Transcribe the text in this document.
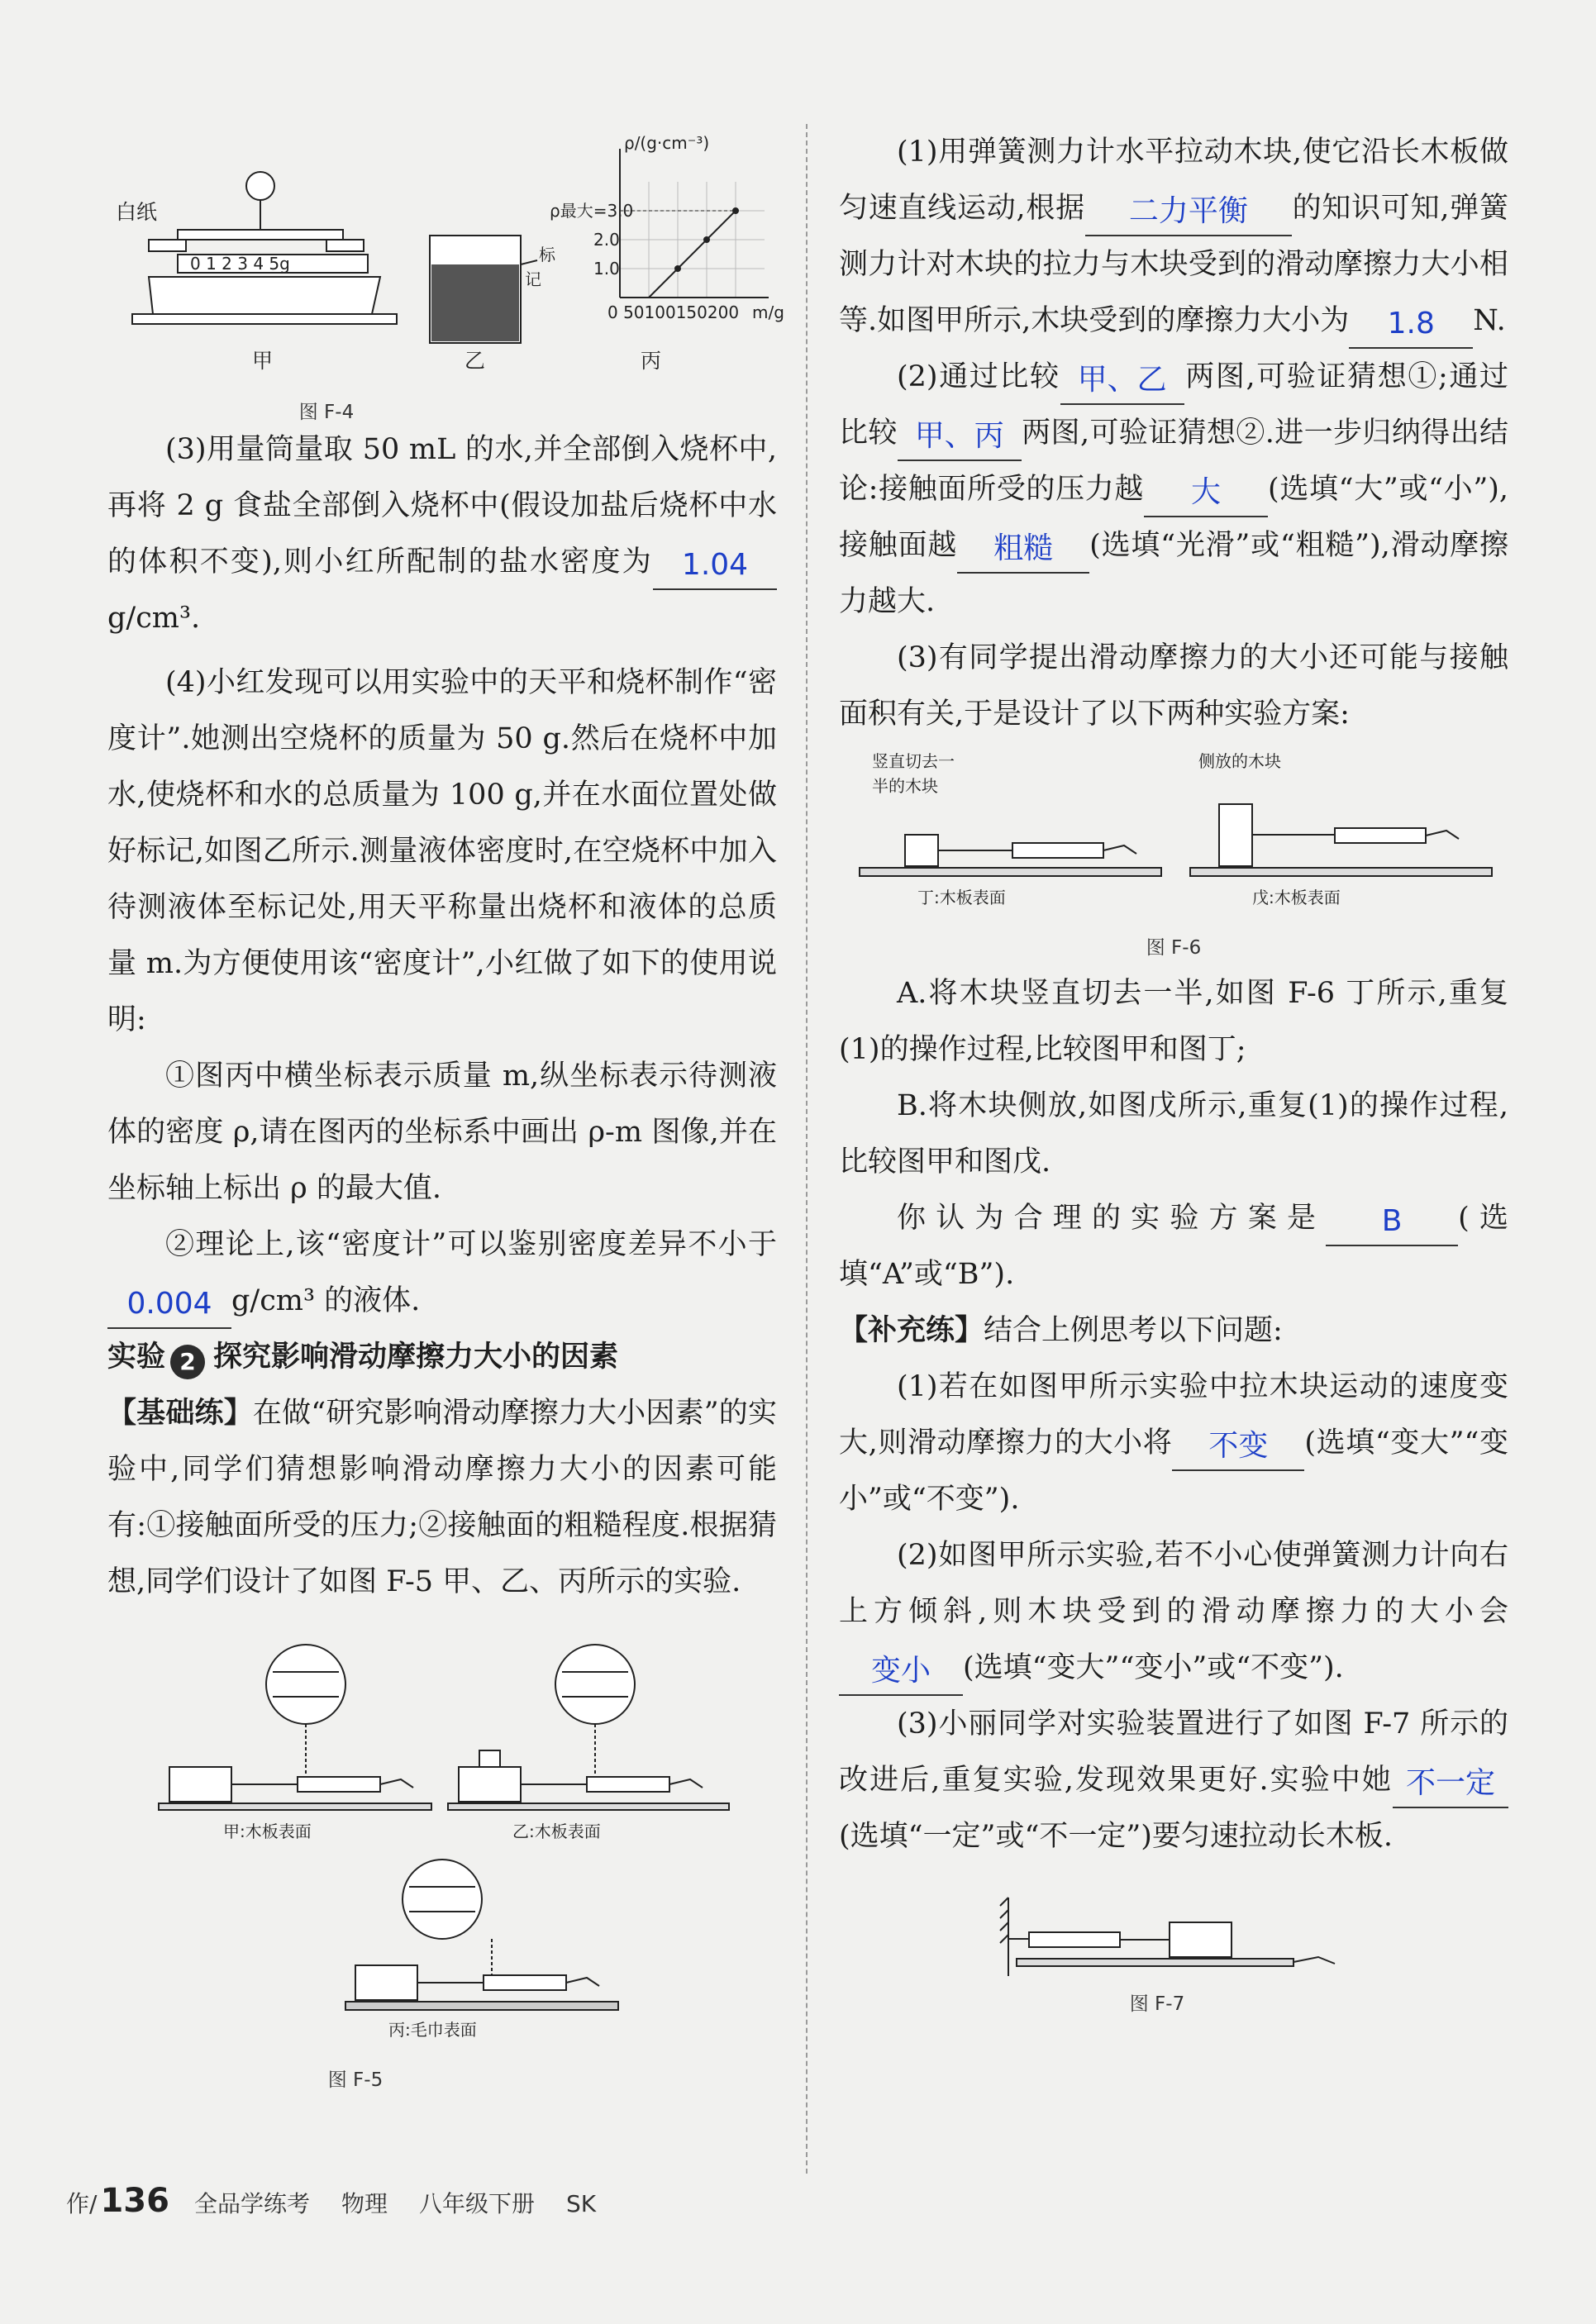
白纸
0 1 2 3 4 5g	标
记
ρ/(g·cm⁻³)
ρ最大=3.0
2.0
1.0
0 50100150200 m/g
甲	乙	丙
图 F-4

(3)用量筒量取 50 mL 的水,并全部倒入烧杯中,再将 2 g 食盐全部倒入烧杯中(假设加盐后烧杯中水的体积不变),则小红所配制的盐水密度为 1.04g/cm³.

(4)小红发现可以用实验中的天平和烧杯制作“密度计”.她测出空烧杯的质量为 50 g.然后在烧杯中加水,使烧杯和水的总质量为 100 g,并在水面位置处做好标记,如图乙所示.测量液体密度时,在空烧杯中加入待测液体至标记处,用天平称量出烧杯和液体的总质量 m.为方便使用该“密度计”,小红做了如下的使用说明:

①图丙中横坐标表示质量 m,纵坐标表示待测液体的密度 ρ,请在图丙的坐标系中画出 ρ-m 图像,并在坐标轴上标出 ρ 的最大值.

②理论上,该“密度计”可以鉴别密度差异不小于0.004 g/cm³ 的液体.

实验 2 探究影响滑动摩擦力大小的因素

【基础练】在做“研究影响滑动摩擦力大小因素”的实验中,同学们猜想影响滑动摩擦力大小的因素可能有:①接触面所受的压力;②接触面的粗糙程度.根据猜想,同学们设计了如图 F-5 甲、乙、丙所示的实验.

甲:木板表面	乙:木板表面
丙:毛巾表面
图 F-5

(1)用弹簧测力计水平拉动木块,使它沿长木板做匀速直线运动,根据 二力平衡 的知识可知,弹簧测力计对木块的拉力与木块受到的滑动摩擦力大小相等.如图甲所示,木块受到的摩擦力大小为 1.8 N.

(2)通过比较 甲、乙 两图,可验证猜想①;通过比较 甲、丙 两图,可验证猜想②.进一步归纳得出结论:接触面所受的压力越 大 (选填“大”或“小”),接触面越 粗糙 (选填“光滑”或“粗糙”),滑动摩擦力越大.

(3)有同学提出滑动摩擦力的大小还可能与接触面积有关,于是设计了以下两种实验方案:

竖直切去一
半的木块
丁:木板表面
侧放的木块
戊:木板表面
图 F-6

A.将木块竖直切去一半,如图 F-6 丁所示,重复(1)的操作过程,比较图甲和图丁;

B.将木块侧放,如图戊所示,重复(1)的操作过程,比较图甲和图戊.

你认为合理的实验方案是 B (选填“A”或“B”).

【补充练】结合上例思考以下问题:

(1)若在如图甲所示实验中拉木块运动的速度变大,则滑动摩擦力的大小将 不变 (选填“变大”“变小”或“不变”).

(2)如图甲所示实验,若不小心使弹簧测力计向右上方倾斜,则木块受到的滑动摩擦力的大小会变小 (选填“变大”“变小”或“不变”).

(3)小丽同学对实验装置进行了如图 F-7 所示的改进后,重复实验,发现效果更好.实验中她 不一定(选填“一定”或“不一定”)要匀速拉动长木板.

图 F-7
作/ 136 全品学练考 物理 八年级下册 SK
